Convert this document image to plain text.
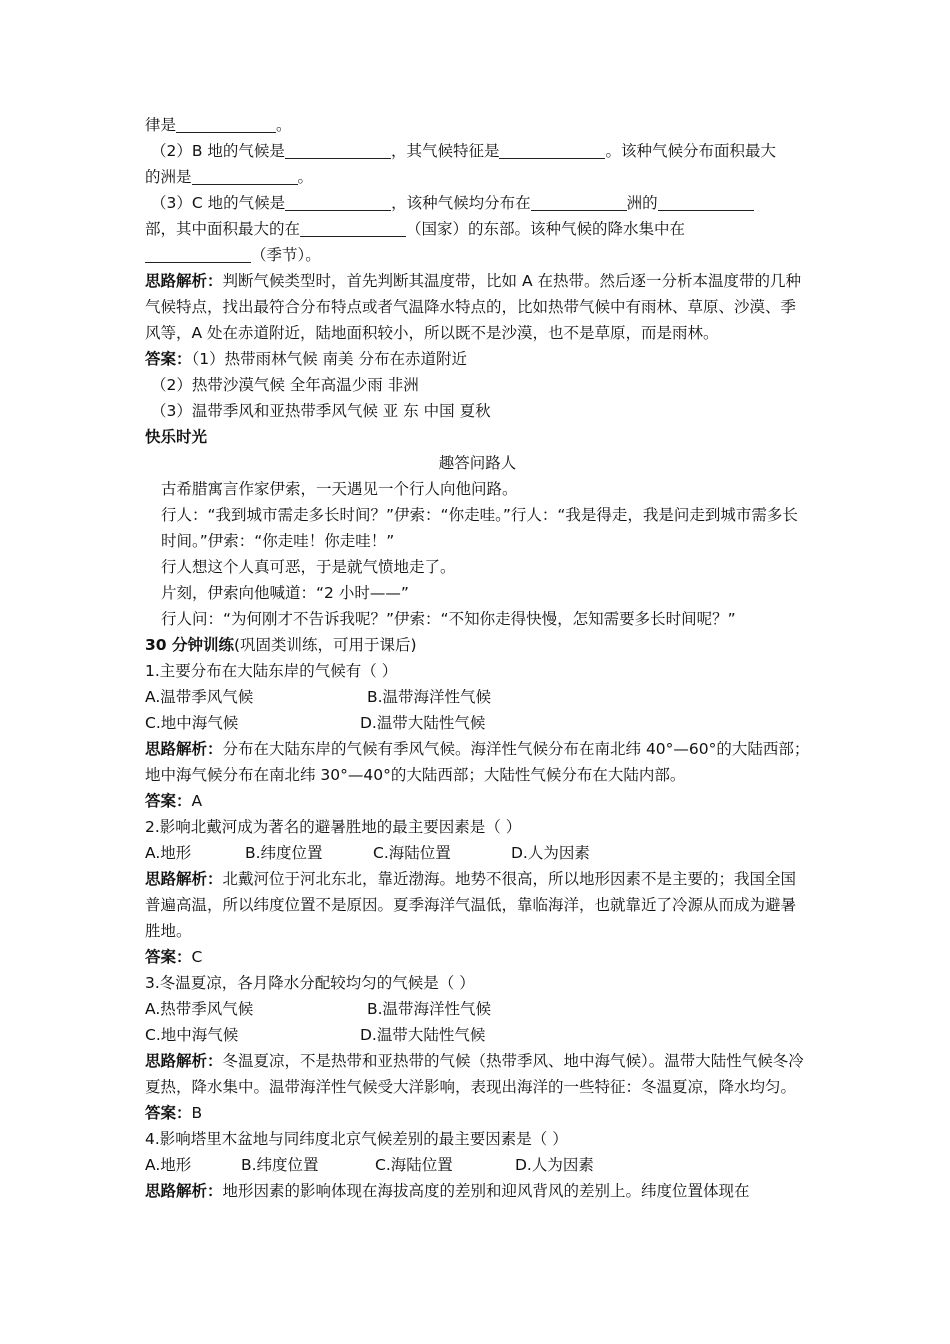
律是	。
（2）B 地的气候是	，其气候特征是	。该种气候分布面积最大
的洲是	。
（3）C 地的气候是	，该种气候均分布在	洲的
部，其中面积最大的在	（国家）的东部。该种气候的降水集中在
（季节）。
思路解析：判断气候类型时，首先判断其温度带，比如 A 在热带。然后逐一分析本温度带的几种气候特点，找出最符合分布特点或者气温降水特点的，比如热带气候中有雨林、草原、沙漠、季风等，A 处在赤道附近，陆地面积较小，所以既不是沙漠，也不是草原，而是雨林。
答案：（1）热带雨林气候 南美 分布在赤道附近
（2）热带沙漠气候 全年高温少雨 非洲
（3）温带季风和亚热带季风气候 亚 东 中国 夏秋
快乐时光
趣答问路人
古希腊寓言作家伊索，一天遇见一个行人向他问路。
行人：“我到城市需走多长时间？”伊索：“你走哇。”行人：“我是得走，我是问走到城市需多长时间。”伊索：“你走哇！你走哇！”
行人想这个人真可恶，于是就气愤地走了。
片刻，伊索向他喊道：“2 小时——”
行人问：“为何刚才不告诉我呢？”伊索：“不知你走得快慢，怎知需要多长时间呢？”
30 分钟训练(巩固类训练，可用于课后)
1.主要分布在大陆东岸的气候有（ ）
A.温带季风气候	B.温带海洋性气候
C.地中海气候	D.温带大陆性气候
思路解析：分布在大陆东岸的气候有季风气候。海洋性气候分布在南北纬 40°—60°的大陆西部；地中海气候分布在南北纬 30°—40°的大陆西部；大陆性气候分布在大陆内部。
答案：A
2.影响北戴河成为著名的避暑胜地的最主要因素是（ ）
A.地形	B.纬度位置	C.海陆位置	D.人为因素
思路解析：北戴河位于河北东北，靠近渤海。地势不很高，所以地形因素不是主要的；我国全国普遍高温，所以纬度位置不是原因。夏季海洋气温低，靠临海洋，也就靠近了冷源从而成为避暑胜地。
答案：C
3.冬温夏凉，各月降水分配较均匀的气候是（ ）
A.热带季风气候	B.温带海洋性气候
C.地中海气候	D.温带大陆性气候
思路解析：冬温夏凉，不是热带和亚热带的气候（热带季风、地中海气候）。温带大陆性气候冬冷夏热，降水集中。温带海洋性气候受大洋影响，表现出海洋的一些特征：冬温夏凉，降水均匀。
答案：B
4.影响塔里木盆地与同纬度北京气候差别的最主要因素是（ ）
A.地形	B.纬度位置	C.海陆位置	D.人为因素
思路解析：地形因素的影响体现在海拔高度的差别和迎风背风的差别上。纬度位置体现在
